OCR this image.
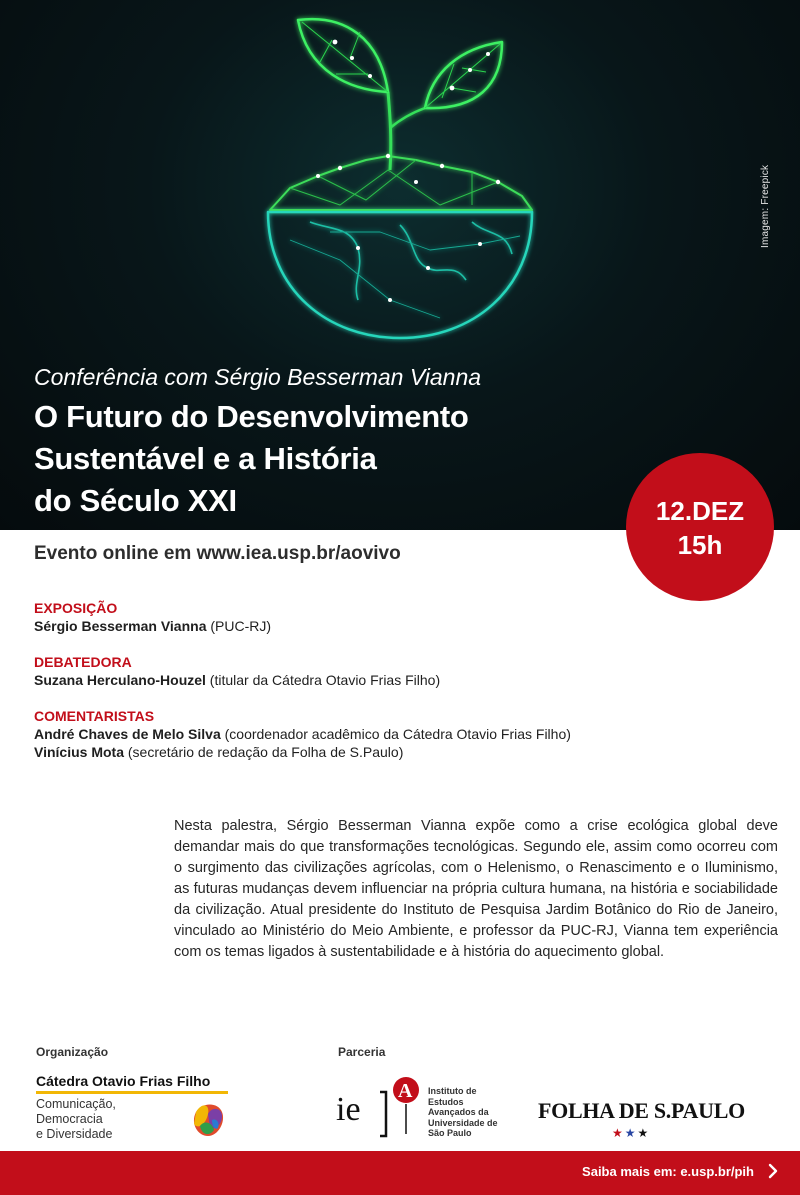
Imagem: Freepick
Conferência com Sérgio Besserman Vianna
O Futuro do Desenvolvimento
Sustentável e a História
do Século XXI	12.DEZ
15h
Evento online em www.iea.usp.br/aovivo
EXPOSIÇÃO
Sérgio Besserman Vianna (PUC-RJ)
DEBATEDORA
Suzana Herculano-Houzel (titular da Cátedra Otavio Frias Filho)
COMENTARISTAS
André Chaves de Melo Silva (coordenador acadêmico da Cátedra Otavio Frias Filho)
Vinícius Mota (secretário de redação da Folha de S.Paulo)

Nesta palestra, Sérgio Besserman Vianna expõe como a crise ecológica global deve demandar mais do que transformações tecnológicas. Segundo ele, assim como ocorreu com o surgimento das civilizações agrícolas, com o Helenismo, o Renascimento e o Iluminismo, as futuras mudanças devem influenciar na própria cultura humana, na história e sociabilidade da civilização. Atual presidente do Instituto de Pesquisa Jardim Botânico do Rio de Janeiro, vinculado ao Ministério do Meio Ambiente, e professor da PUC-RJ, Vianna tem experiência com os temas ligados à sustentabilidade e à história do aquecimento global.

Organização	Parceria
Cátedra Otavio Frias Filho
Comunicação,
Democracia
e Diversidade
ie A Instituto de
Estudos
Avançados da
Universidade de
São Paulo
FOLHA DE S.PAULO
★★★
Saiba mais em: e.usp.br/pih
